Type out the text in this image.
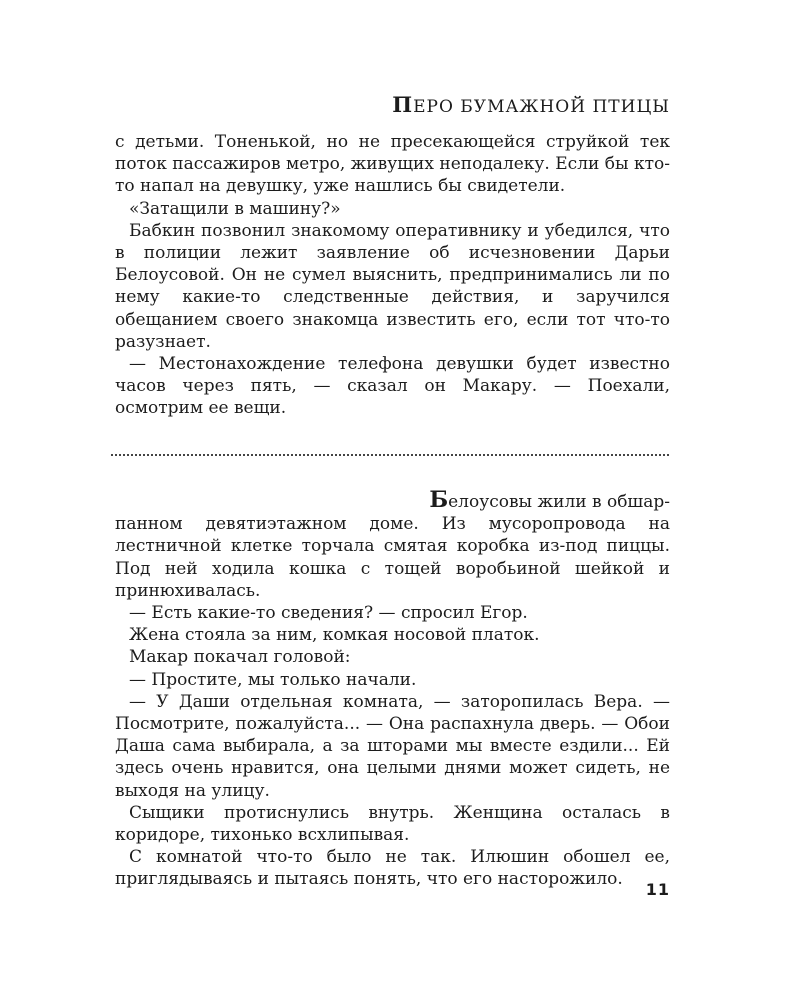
ПЕРО БУМАЖНОЙ ПТИЦЫ

с детьми. Тоненькой, но не пресекающейся струйкой тек поток пассажиров метро, живущих неподалеку. Если бы кто-то напал на девушку, уже нашлись бы свидетели.

«Затащили в машину?»

Бабкин позвонил знакомому оперативнику и убедился, что в полиции лежит заявление об исчезновении Дарьи Белоусовой. Он не сумел выяснить, предпринимались ли по нему какие-то следственные действия, и заручился обещанием своего знакомца известить его, если тот что-то разузнает.

— Местонахождение телефона девушки будет известно часов через пять, — сказал он Макару. — Поехали, осмотрим ее вещи.

Белоусовы жили в обшар-
панном девятиэтажном доме. Из мусоропровода на лестничной клетке торчала смятая коробка из-под пиццы. Под ней ходила кошка с тощей воробьиной шейкой и принюхивалась.

— Есть какие-то сведения? — спросил Егор.

Жена стояла за ним, комкая носовой платок.

Макар покачал головой:

— Простите, мы только начали.

— У Даши отдельная комната, — заторопилась Вера. — Посмотрите, пожалуйста... — Она распахнула дверь. — Обои Даша сама выбирала, а за шторами мы вместе ездили... Ей здесь очень нравится, она целыми днями может сидеть, не выходя на улицу.

Сыщики протиснулись внутрь. Женщина осталась в коридоре, тихонько всхлипывая.

С комнатой что-то было не так. Илюшин обошел ее, приглядываясь и пытаясь понять, что его насторожило.

11
